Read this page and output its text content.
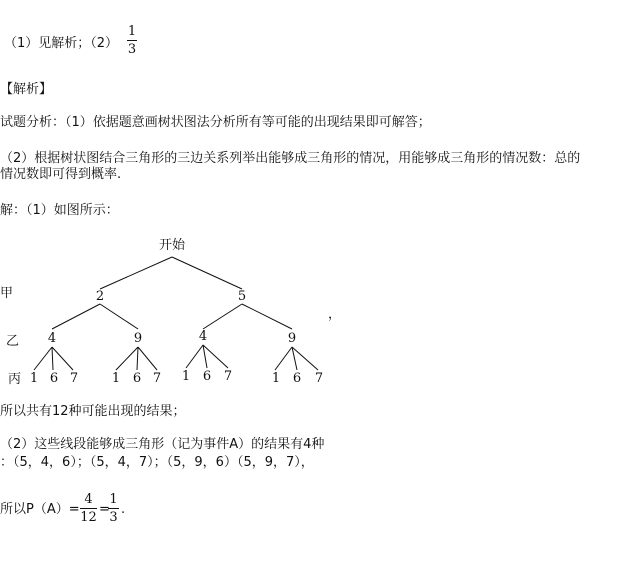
（1）见解析；（2）
1
3
【解析】
试题分析：（1）依据题意画树状图法分析所有等可能的出现结果即可解答；
（2）根据树状图结合三角形的三边关系列举出能够成三角形的情况，用能够成三角形的情况数：总的
情况数即可得到概率.
解：（1）如图所示：
甲
乙
丙
开始
2	5
4	9	4	9
1 6 7	1 6 7 1 6 7	1 6 7
，
所以共有12种可能出现的结果；
（2）这些线段能够成三角形（记为事件A）的结果有4种
：（5，4，6）；（5，4，7）；（5，9，6）（5，9，7），
所以P（A）=
4
12
=
1
3
.
